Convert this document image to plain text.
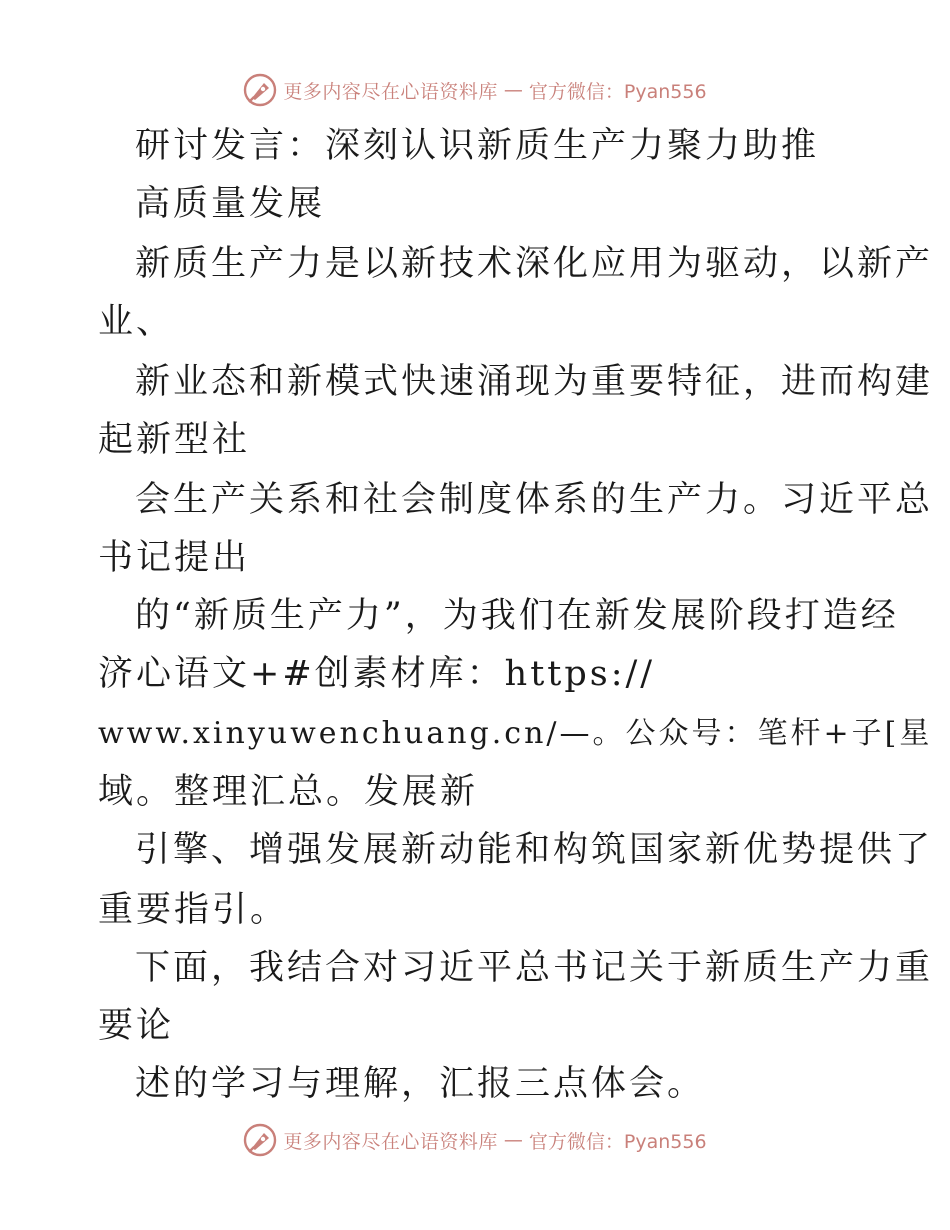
更多内容尽在心语资料库 — 官方微信：Pyan556
研讨发言：深刻认识新质生产力聚力助推
高质量发展
新质生产力是以新技术深化应用为驱动，以新产
业、
新业态和新模式快速涌现为重要特征，进而构建
起新型社
会生产关系和社会制度体系的生产力。习近平总
书记提出
的“新质生产力”，为我们在新发展阶段打造经
济心语文+#创素材库：https://
www.xinyuwenchuang.cn/—。公众号：笔杆+子[星
域。整理汇总。发展新
引擎、增强发展新动能和构筑国家新优势提供了
重要指引。
下面，我结合对习近平总书记关于新质生产力重
要论
述的学习与理解，汇报三点体会。
更多内容尽在心语资料库 — 官方微信：Pyan556
